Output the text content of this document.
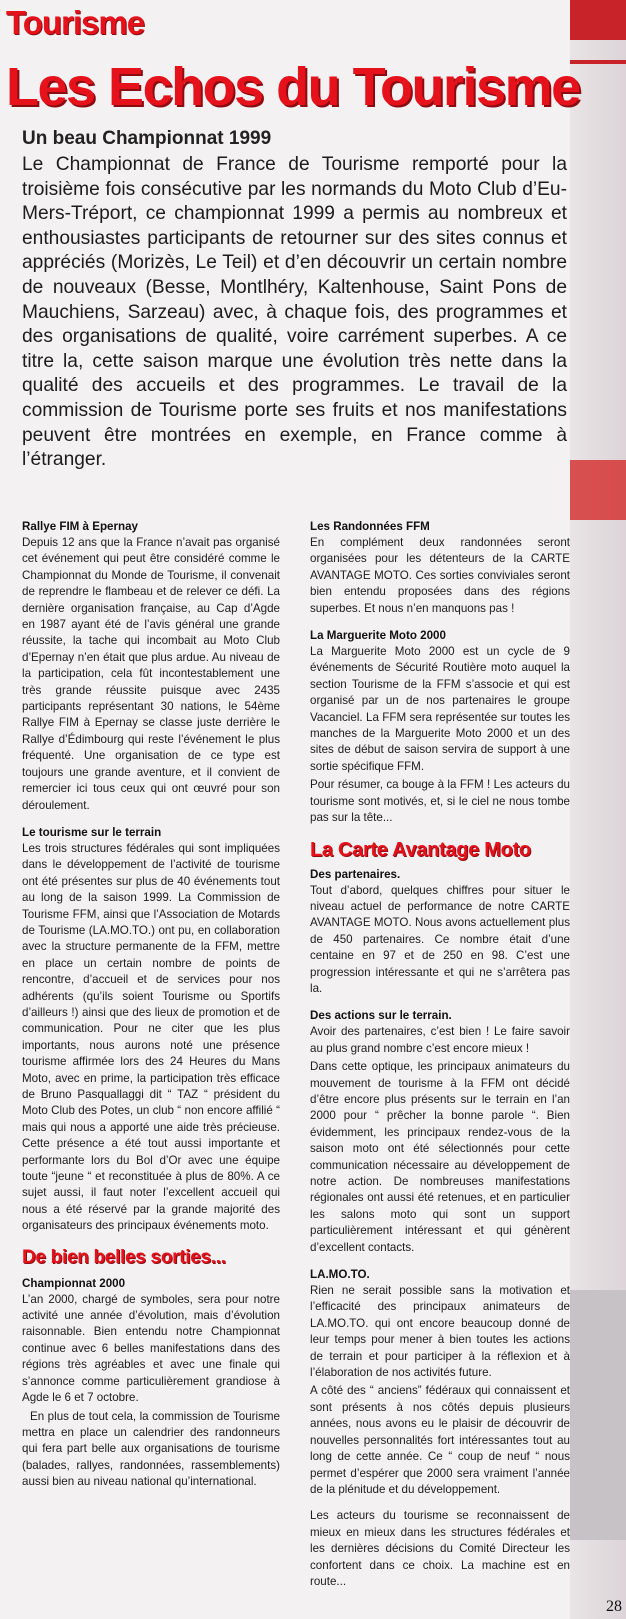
Tourisme
Les Echos du Tourisme
Un beau Championnat 1999

Le Championnat de France de Tourisme remporté pour la troisième fois consécutive par les normands du Moto Club d’Eu-Mers-Tréport, ce championnat 1999 a permis au nombreux et enthousiastes participants de retourner sur des sites connus et appréciés (Morizès, Le Teil) et d’en découvrir un certain nombre de nouveaux (Besse, Montlhéry, Kaltenhouse, Saint Pons de Mauchiens, Sarzeau) avec, à chaque fois, des programmes et des organisations de qualité, voire carrément superbes. A ce titre la, cette saison marque une évolution très nette dans la qualité des accueils et des programmes. Le travail de la commission de Tourisme porte ses fruits et nos manifestations peuvent être montrées en exemple, en France comme à l’étranger.

Rallye FIM à Epernay

Depuis 12 ans que la France n’avait pas organisé cet événement qui peut être considéré comme le Championnat du Monde de Tourisme, il convenait de reprendre le flambeau et de relever ce défi. La dernière organisation française, au Cap d’Agde en 1987 ayant été de l’avis général une grande réussite, la tache qui incombait au Moto Club d’Epernay n’en était que plus ardue. Au niveau de la participation, cela fût incontestablement une très grande réussite puisque avec 2435 participants représentant 30 nations, le 54ème Rallye FIM à Epernay se classe juste derrière le Rallye d’Édimbourg qui reste l’événement le plus fréquenté. Une organisation de ce type est toujours une grande aventure, et il convient de remercier ici tous ceux qui ont œuvré pour son déroulement.

Le tourisme sur le terrain

Les trois structures fédérales qui sont impliquées dans le développement de l’activité de tourisme ont été présentes sur plus de 40 événements tout au long de la saison 1999. La Commission de Tourisme FFM, ainsi que l’Association de Motards de Tourisme (LA.MO.TO.) ont pu, en collaboration avec la structure permanente de la FFM, mettre en place un certain nombre de points de rencontre, d’accueil et de services pour nos adhérents (qu’ils soient Tourisme ou Sportifs d’ailleurs !) ainsi que des lieux de promotion et de communication. Pour ne citer que les plus importants, nous aurons noté une présence tourisme affirmée lors des 24 Heures du Mans Moto, avec en prime, la participation très efficace de Bruno Pasquallaggi dit “ TAZ “ président du Moto Club des Potes, un club “ non encore affilié “ mais qui nous a apporté une aide très précieuse. Cette présence a été tout aussi importante et performante lors du Bol d’Or avec une équipe toute “jeune “ et reconstituée à plus de 80%. A ce sujet aussi, il faut noter l’excellent accueil qui nous a été réservé par la grande majorité des organisateurs des principaux événements moto.

De bien belles sorties...
Championnat 2000

L’an 2000, chargé de symboles, sera pour notre activité une année d’évolution, mais d’évolution raisonnable. Bien entendu notre Championnat continue avec 6 belles manifestations dans des régions très agréables et avec une finale qui s’annonce comme particulièrement grandiose à Agde le 6 et 7 octobre.

En plus de tout cela, la commission de Tourisme mettra en place un calendrier des randonneurs qui fera part belle aux organisations de tourisme (balades, rallyes, randonnées, rassemblements) aussi bien au niveau national qu’international.

Les Randonnées FFM

En complément deux randonnées seront organisées pour les détenteurs de la CARTE AVANTAGE MOTO. Ces sorties conviviales seront bien entendu proposées dans des régions superbes. Et nous n’en manquons pas !

La Marguerite Moto 2000

La Marguerite Moto 2000 est un cycle de 9 événements de Sécurité Routière moto auquel la section Tourisme de la FFM s’associe et qui est organisé par un de nos partenaires le groupe Vacanciel. La FFM sera représentée sur toutes les manches de la Marguerite Moto 2000 et un des sites de début de saison servira de support à une sortie spécifique FFM.

Pour résumer, ca bouge à la FFM ! Les acteurs du tourisme sont motivés, et, si le ciel ne nous tombe pas sur la tête...

La Carte Avantage Moto
Des partenaires.

Tout d’abord, quelques chiffres pour situer le niveau actuel de performance de notre CARTE AVANTAGE MOTO. Nous avons actuellement plus de 450 partenaires. Ce nombre était d’une centaine en 97 et de 250 en 98. C’est une progression intéressante et qui ne s’arrêtera pas la.

Des actions sur le terrain.

Avoir des partenaires, c’est bien ! Le faire savoir au plus grand nombre c’est encore mieux !

Dans cette optique, les principaux animateurs du mouvement de tourisme à la FFM ont décidé d’être encore plus présents sur le terrain en l’an 2000 pour “ prêcher la bonne parole “. Bien évidemment, les principaux rendez-vous de la saison moto ont été sélectionnés pour cette communication nécessaire au développement de notre action. De nombreuses manifestations régionales ont aussi été retenues, et en particulier les salons moto qui sont un support particulièrement intéressant et qui génèrent d’excellent contacts.

LA.MO.TO.

Rien ne serait possible sans la motivation et l’efficacité des principaux animateurs de LA.MO.TO. qui ont encore beaucoup donné de leur temps pour mener à bien toutes les actions de terrain et pour participer à la réflexion et à l’élaboration de nos activités future.

A côté des “ anciens” fédéraux qui connaissent et sont présents à nos côtés depuis plusieurs années, nous avons eu le plaisir de découvrir de nouvelles personnalités fort intéressantes tout au long de cette année. Ce “ coup de neuf “ nous permet d’espérer que 2000 sera vraiment l’année de la plénitude et du développement.

Les acteurs du tourisme se reconnaissent de mieux en mieux dans les structures fédérales et les dernières décisions du Comité Directeur les confortent dans ce choix. La machine est en route...

28
